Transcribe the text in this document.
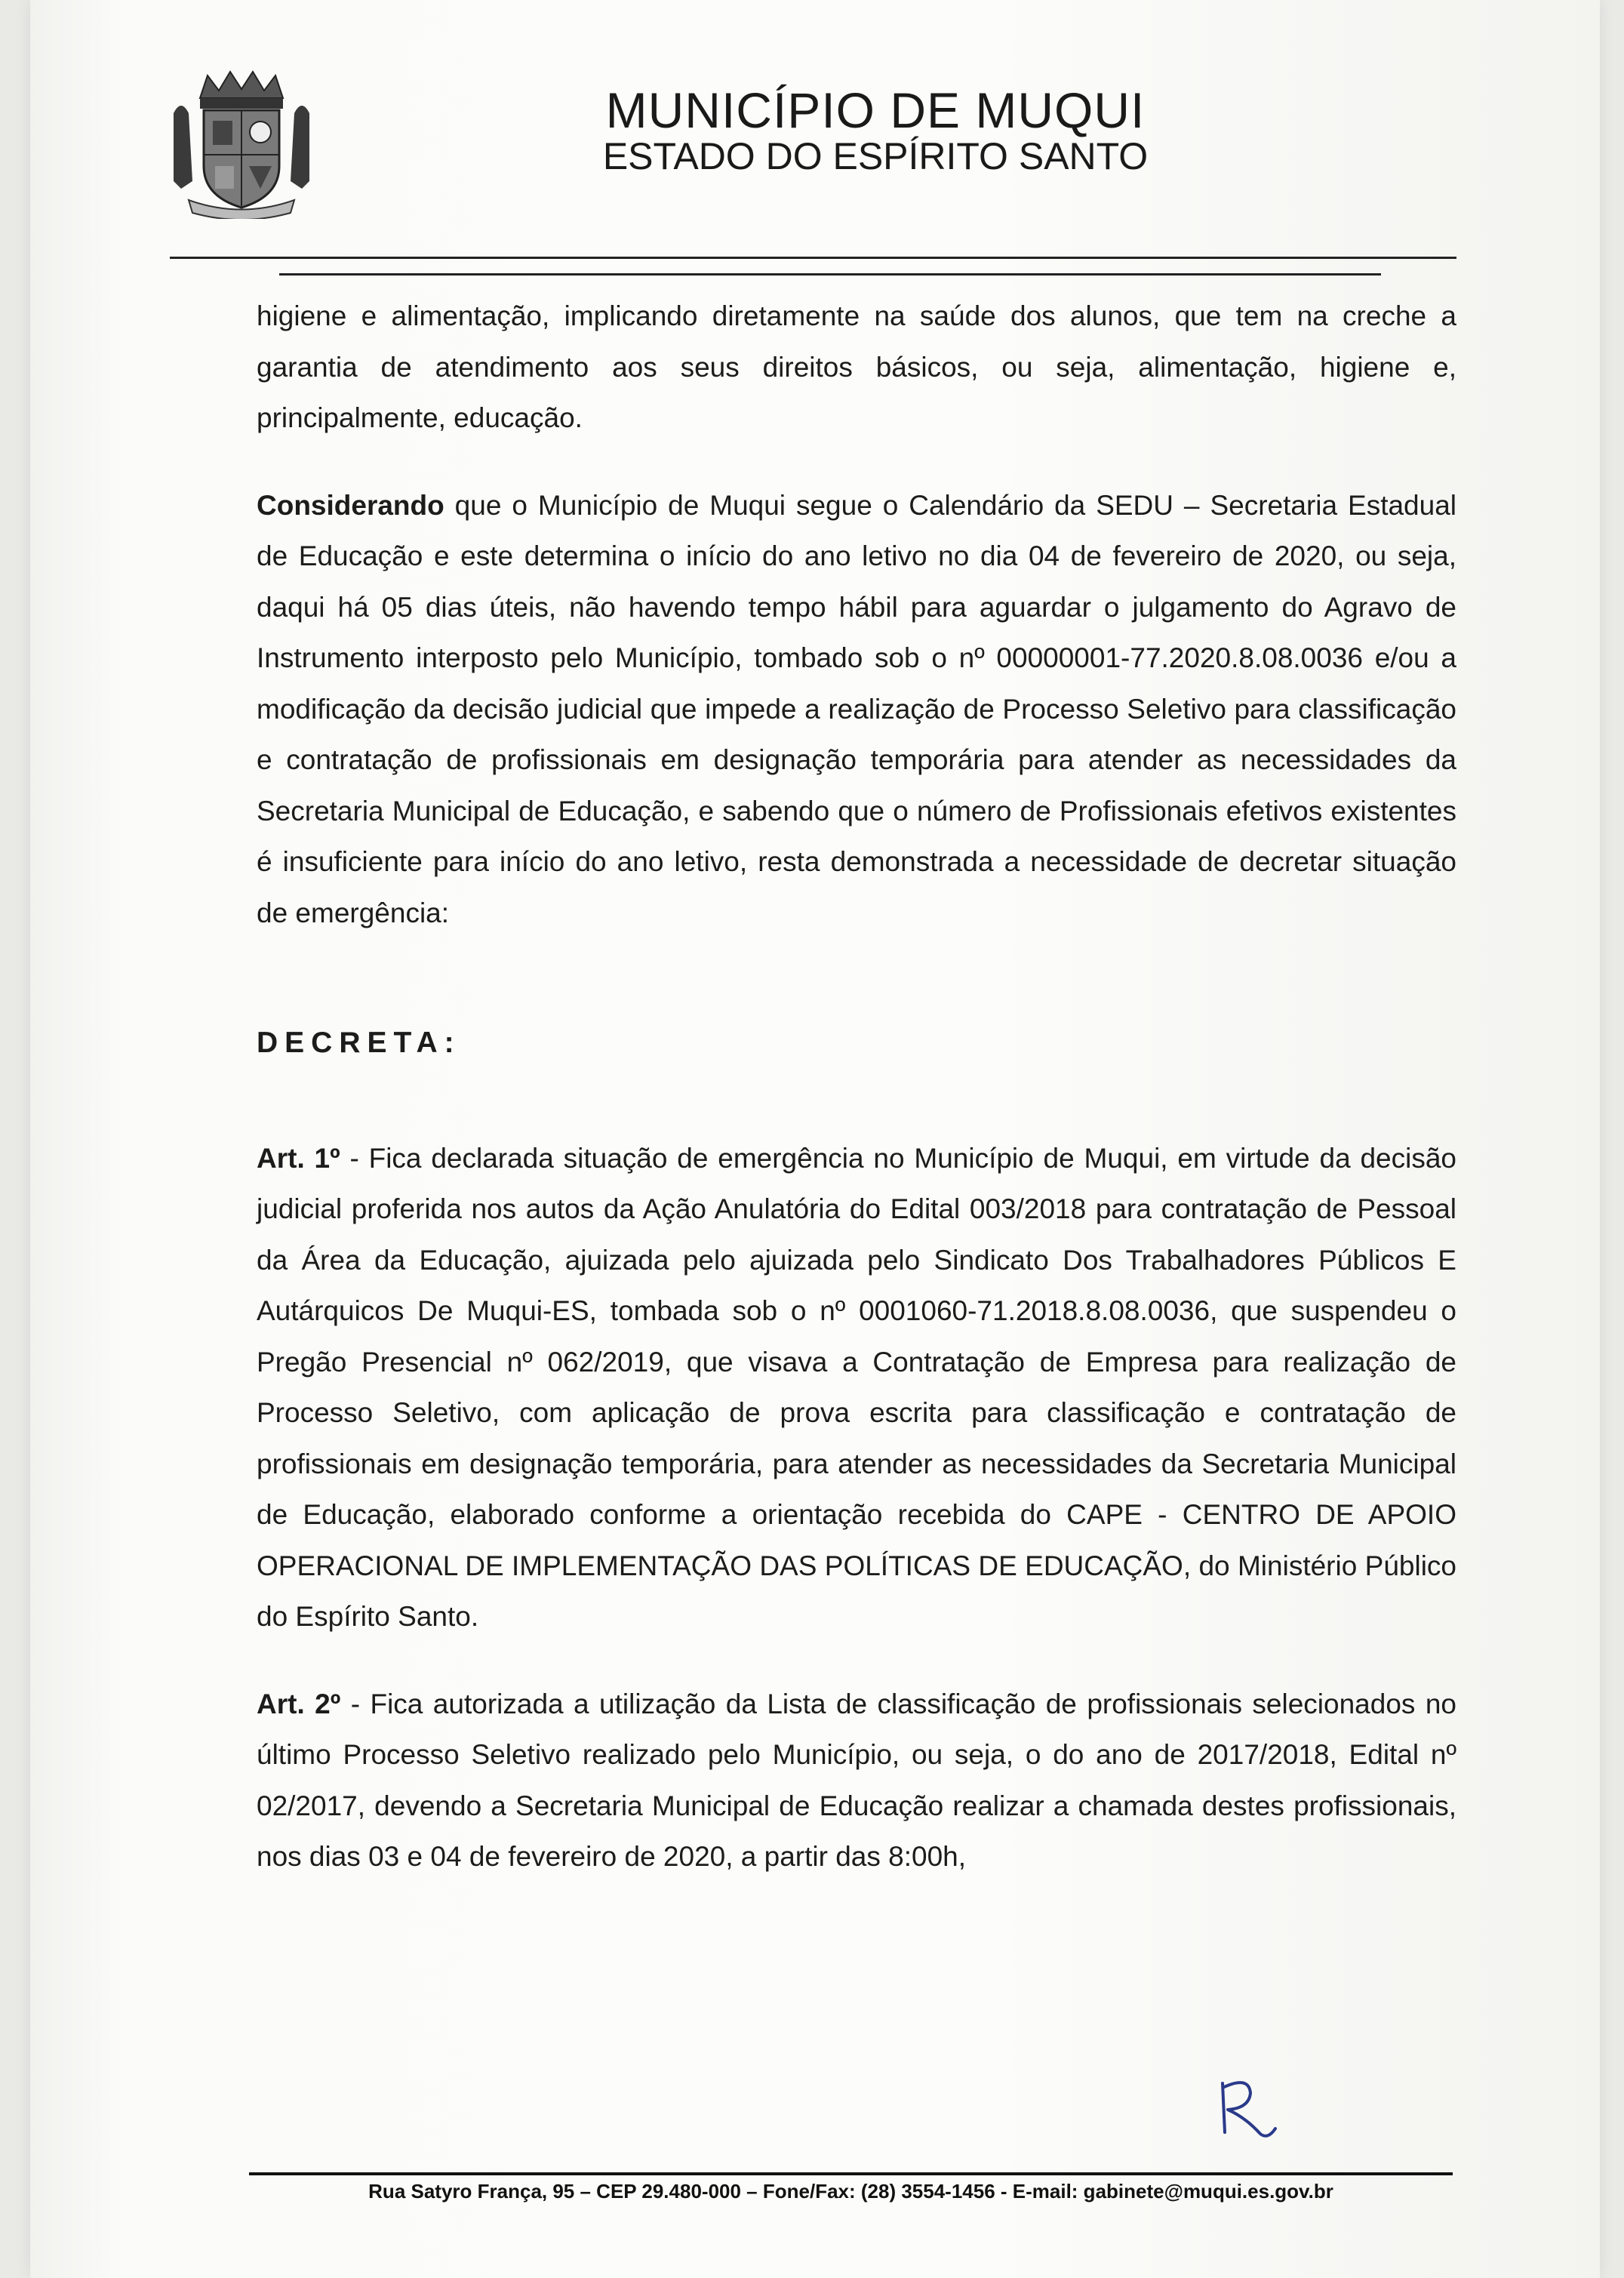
MUNICÍPIO DE MUQUI
ESTADO DO ESPÍRITO SANTO

higiene e alimentação, implicando diretamente na saúde dos alunos, que tem na creche a garantia de atendimento aos seus direitos básicos, ou seja, alimentação, higiene e, principalmente, educação.

Considerando que o Município de Muqui segue o Calendário da SEDU – Secretaria Estadual de Educação e este determina o início do ano letivo no dia 04 de fevereiro de 2020, ou seja, daqui há 05 dias úteis, não havendo tempo hábil para aguardar o julgamento do Agravo de Instrumento interposto pelo Município, tombado sob o nº 00000001-77.2020.8.08.0036 e/ou a modificação da decisão judicial que impede a realização de Processo Seletivo para classificação e contratação de profissionais em designação temporária para atender as necessidades da Secretaria Municipal de Educação, e sabendo que o número de Profissionais efetivos existentes é insuficiente para início do ano letivo, resta demonstrada a necessidade de decretar situação de emergência:

DECRETA:

Art. 1º - Fica declarada situação de emergência no Município de Muqui, em virtude da decisão judicial proferida nos autos da Ação Anulatória do Edital 003/2018 para contratação de Pessoal da Área da Educação, ajuizada pelo ajuizada pelo Sindicato Dos Trabalhadores Públicos E Autárquicos De Muqui-ES, tombada sob o nº 0001060-71.2018.8.08.0036, que suspendeu o Pregão Presencial nº 062/2019, que visava a Contratação de Empresa para realização de Processo Seletivo, com aplicação de prova escrita para classificação e contratação de profissionais em designação temporária, para atender as necessidades da Secretaria Municipal de Educação, elaborado conforme a orientação recebida do CAPE - CENTRO DE APOIO OPERACIONAL DE IMPLEMENTAÇÃO DAS POLÍTICAS DE EDUCAÇÃO, do Ministério Público do Espírito Santo.

Art. 2º - Fica autorizada a utilização da Lista de classificação de profissionais selecionados no último Processo Seletivo realizado pelo Município, ou seja, o do ano de 2017/2018, Edital nº 02/2017, devendo a Secretaria Municipal de Educação realizar a chamada destes profissionais, nos dias 03 e 04 de fevereiro de 2020, a partir das 8:00h,

Rua Satyro França, 95 – CEP 29.480-000 – Fone/Fax: (28) 3554-1456 - E-mail: gabinete@muqui.es.gov.br
